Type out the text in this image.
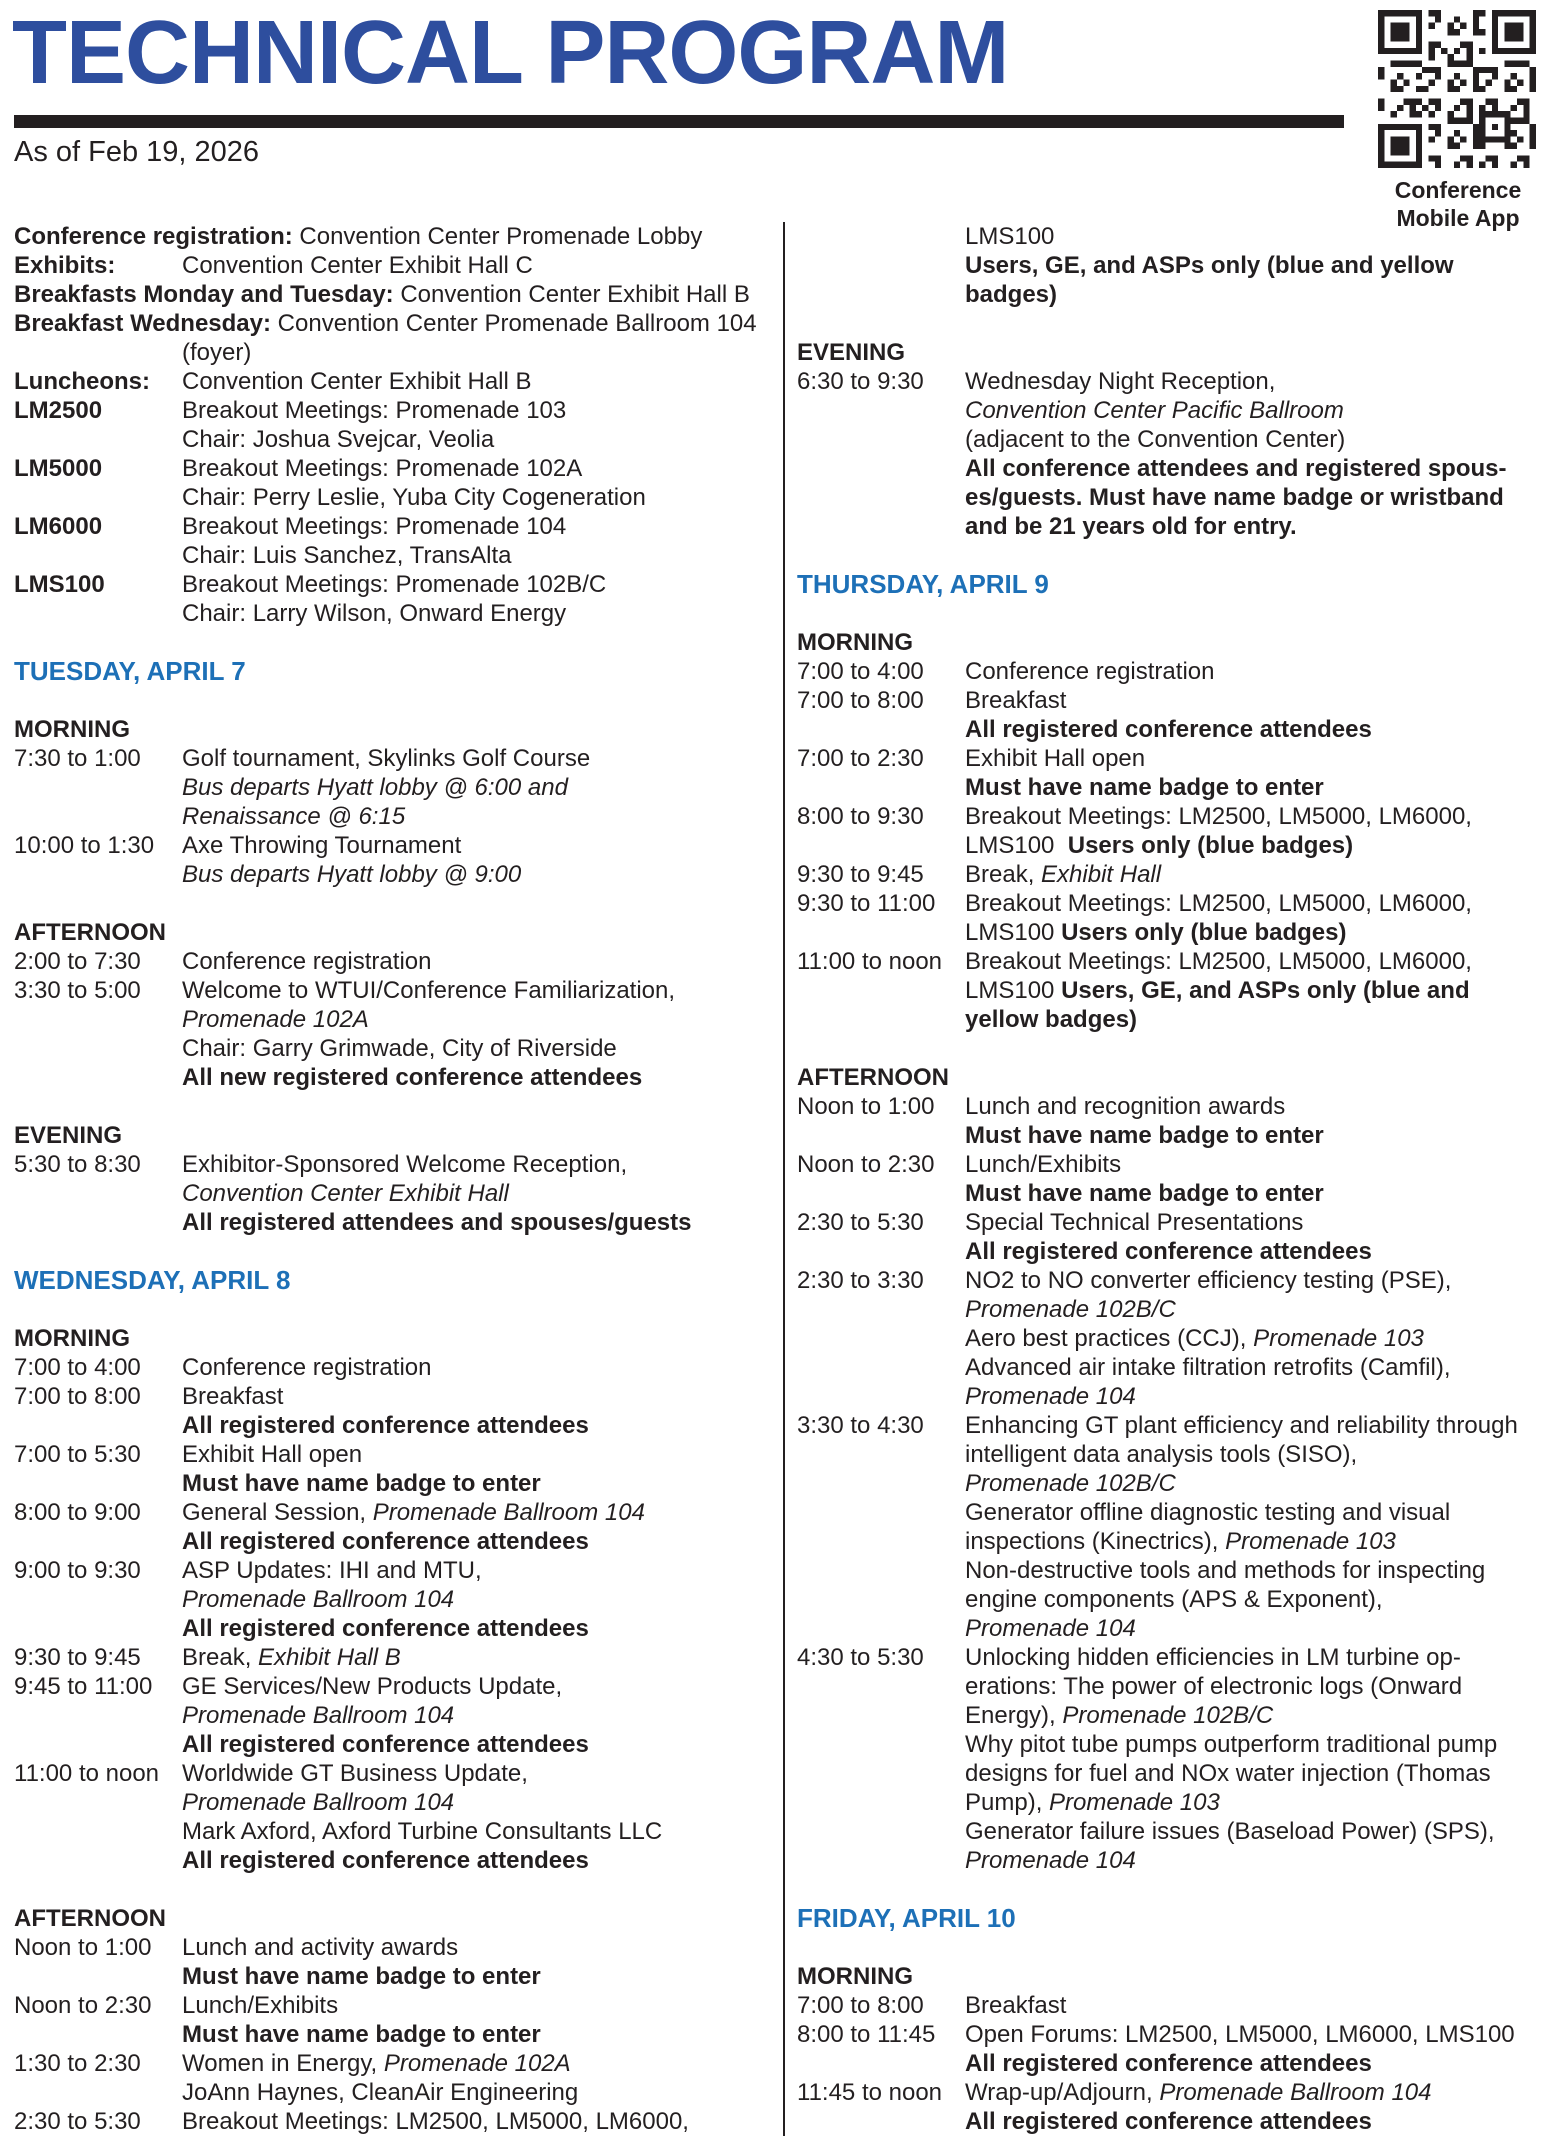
TECHNICAL PROGRAM
As of Feb 19, 2026
Conference
Mobile App
Conference registration: Convention Center Promenade Lobby
Exhibits:	Convention Center Exhibit Hall C
Breakfasts Monday and Tuesday: Convention Center Exhibit Hall B
Breakfast Wednesday: Convention Center Promenade Ballroom 104
(foyer)
Luncheons: Convention Center Exhibit Hall B
LM2500	Breakout Meetings: Promenade 103
Chair: Joshua Svejcar, Veolia
LM5000	Breakout Meetings: Promenade 102A
Chair: Perry Leslie, Yuba City Cogeneration
LM6000	Breakout Meetings: Promenade 104
Chair: Luis Sanchez, TransAlta
LMS100	Breakout Meetings: Promenade 102B/C
Chair: Larry Wilson, Onward Energy
TUESDAY, APRIL 7
MORNING
7:30 to 1:00 Golf tournament, Skylinks Golf Course
Bus departs Hyatt lobby @ 6:00 and
Renaissance @ 6:15
10:00 to 1:30 Axe Throwing Tournament
Bus departs Hyatt lobby @ 9:00
AFTERNOON
2:00 to 7:30 Conference registration
3:30 to 5:00 Welcome to WTUI/Conference Familiarization,
Promenade 102A
Chair: Garry Grimwade, City of Riverside
All new registered conference attendees
EVENING
5:30 to 8:30 Exhibitor-Sponsored Welcome Reception,
Convention Center Exhibit Hall
All registered attendees and spouses/guests
WEDNESDAY, APRIL 8
MORNING
7:00 to 4:00 Conference registration
7:00 to 8:00 Breakfast
All registered conference attendees
7:00 to 5:30 Exhibit Hall open
Must have name badge to enter
8:00 to 9:00 General Session, Promenade Ballroom 104
All registered conference attendees
9:00 to 9:30 ASP Updates: IHI and MTU,
Promenade Ballroom 104
All registered conference attendees
9:30 to 9:45 Break, Exhibit Hall B
9:45 to 11:00 GE Services/New Products Update,
Promenade Ballroom 104
All registered conference attendees
11:00 to noon Worldwide GT Business Update,
Promenade Ballroom 104
Mark Axford, Axford Turbine Consultants LLC
All registered conference attendees
AFTERNOON
Noon to 1:00 Lunch and activity awards
Must have name badge to enter
Noon to 2:30 Lunch/Exhibits
Must have name badge to enter
1:30 to 2:30 Women in Energy, Promenade 102A
JoAnn Haynes, CleanAir Engineering
2:30 to 5:30 Breakout Meetings: LM2500, LM5000, LM6000,
LMS100
Users, GE, and ASPs only (blue and yellow
badges)
EVENING
6:30 to 9:30 Wednesday Night Reception,
Convention Center Pacific Ballroom
(adjacent to the Convention Center)
All conference attendees and registered spous-
es/guests. Must have name badge or wristband
and be 21 years old for entry.
THURSDAY, APRIL 9
MORNING
7:00 to 4:00 Conference registration
7:00 to 8:00 Breakfast
All registered conference attendees
7:00 to 2:30 Exhibit Hall open
Must have name badge to enter
8:00 to 9:30 Breakout Meetings: LM2500, LM5000, LM6000,
LMS100  Users only (blue badges)
9:30 to 9:45 Break, Exhibit Hall
9:30 to 11:00 Breakout Meetings: LM2500, LM5000, LM6000,
LMS100 Users only (blue badges)
11:00 to noon Breakout Meetings: LM2500, LM5000, LM6000,
LMS100 Users, GE, and ASPs only (blue and
yellow badges)
AFTERNOON
Noon to 1:00 Lunch and recognition awards
Must have name badge to enter
Noon to 2:30 Lunch/Exhibits
Must have name badge to enter
2:30 to 5:30 Special Technical Presentations
All registered conference attendees
2:30 to 3:30 NO2 to NO converter efficiency testing (PSE),
Promenade 102B/C
Aero best practices (CCJ), Promenade 103
Advanced air intake filtration retrofits (Camfil),
Promenade 104
3:30 to 4:30 Enhancing GT plant efficiency and reliability through
intelligent data analysis tools (SISO),
Promenade 102B/C
Generator offline diagnostic testing and visual
inspections (Kinectrics), Promenade 103
Non-destructive tools and methods for inspecting
engine components (APS & Exponent),
Promenade 104
4:30 to 5:30 Unlocking hidden efficiencies in LM turbine op-
erations: The power of electronic logs (Onward
Energy), Promenade 102B/C
Why pitot tube pumps outperform traditional pump
designs for fuel and NOx water injection (Thomas
Pump), Promenade 103
Generator failure issues (Baseload Power) (SPS),
Promenade 104
FRIDAY, APRIL 10
MORNING
7:00 to 8:00 Breakfast
8:00 to 11:45 Open Forums: LM2500, LM5000, LM6000, LMS100
All registered conference attendees
11:45 to noon Wrap-up/Adjourn, Promenade Ballroom 104
All registered conference attendees
